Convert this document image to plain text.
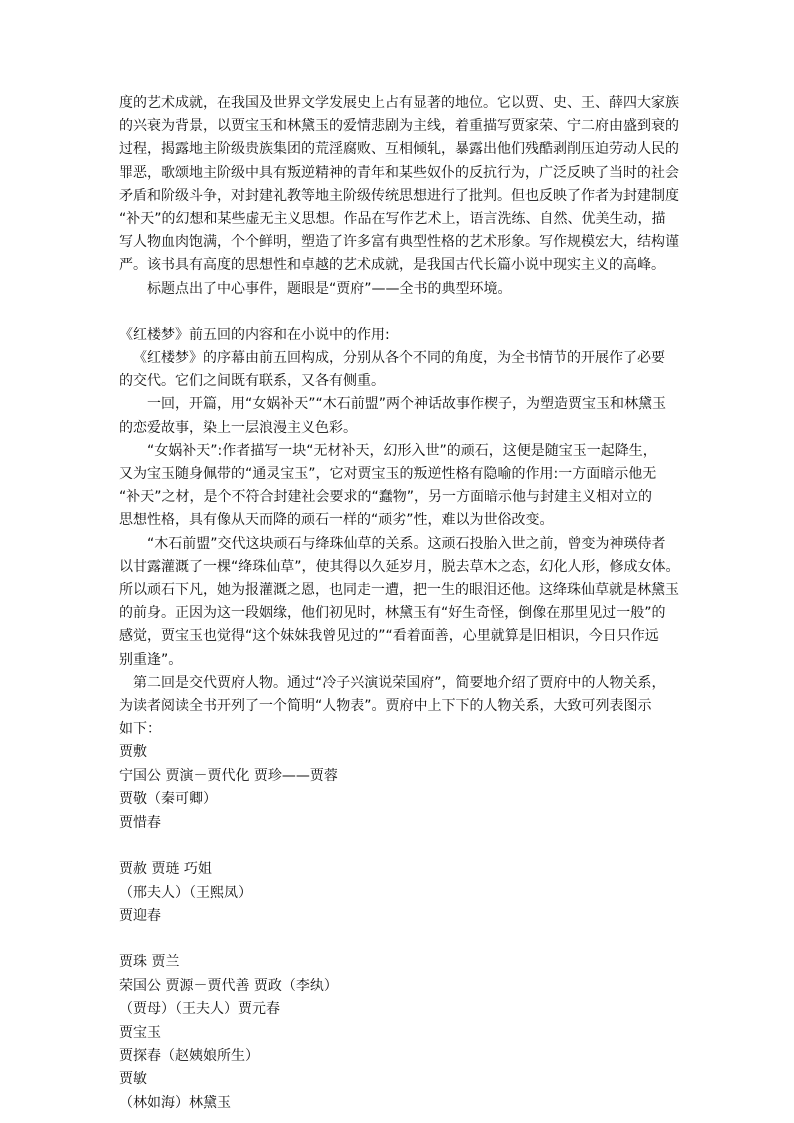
度的艺术成就，在我国及世界文学发展史上占有显著的地位。它以贾、史、王、薛四大家族

的兴衰为背景，以贾宝玉和林黛玉的爱情悲剧为主线，着重描写贾家荣、宁二府由盛到衰的

过程，揭露地主阶级贵族集团的荒淫腐败、互相倾轧，暴露出他们残酷剥削压迫劳动人民的

罪恶，歌颂地主阶级中具有叛逆精神的青年和某些奴仆的反抗行为，广泛反映了当时的社会

矛盾和阶级斗争，对封建礼教等地主阶级传统思想进行了批判。但也反映了作者为封建制度

“补天”的幻想和某些虚无主义思想。作品在写作艺术上，语言洗练、自然、优美生动，描

写人物血肉饱满，个个鲜明，塑造了许多富有典型性格的艺术形象。写作规模宏大，结构谨

严。该书具有高度的思想性和卓越的艺术成就，是我国古代长篇小说中现实主义的高峰。

标题点出了中心事件，题眼是“贾府”——全书的典型环境。

《红楼梦》前五回的内容和在小说中的作用:

《红楼梦》的序幕由前五回构成，分别从各个不同的角度，为全书情节的开展作了必要

的交代。它们之间既有联系，又各有侧重。

一回，开篇，用“女娲补天”“木石前盟”两个神话故事作楔子，为塑造贾宝玉和林黛玉

的恋爱故事，染上一层浪漫主义色彩。

“女娲补天”:作者描写一块“无材补天，幻形入世”的顽石，这便是随宝玉一起降生，

又为宝玉随身佩带的“通灵宝玉”，它对贾宝玉的叛逆性格有隐喻的作用:一方面暗示他无

“补天”之材，是个不符合封建社会要求的“蠢物”，另一方面暗示他与封建主义相对立的

思想性格，具有像从天而降的顽石一样的“顽劣”性，难以为世俗改变。

“木石前盟”交代这块顽石与绛珠仙草的关系。这顽石投胎入世之前，曾变为神瑛侍者

以甘露灌溉了一棵“绛珠仙草”，使其得以久延岁月，脱去草木之态，幻化人形，修成女体。

所以顽石下凡，她为报灌溉之恩，也同走一遭，把一生的眼泪还他。这绛珠仙草就是林黛玉

的前身。正因为这一段姻缘，他们初见时，林黛玉有“好生奇怪，倒像在那里见过一般”的

感觉，贾宝玉也觉得“这个妹妹我曾见过的”“看着面善，心里就算是旧相识，今日只作远

别重逢”。

第二回是交代贾府人物。通过“冷子兴演说荣国府”，简要地介绍了贾府中的人物关系，

为读者阅读全书开列了一个简明“人物表”。贾府中上下下的人物关系，大致可列表图示

如下：

贾敷
宁国公 贾演－贾代化 贾珍——贾蓉
贾敬（秦可卿）
贾惜春
贾赦 贾琏 巧姐
（邢夫人）（王熙凤）
贾迎春
贾珠 贾兰
荣国公 贾源－贾代善 贾政（李纨）
（贾母）（王夫人）贾元春
贾宝玉
贾探春（赵姨娘所生）
贾敏
（林如海）林黛玉
